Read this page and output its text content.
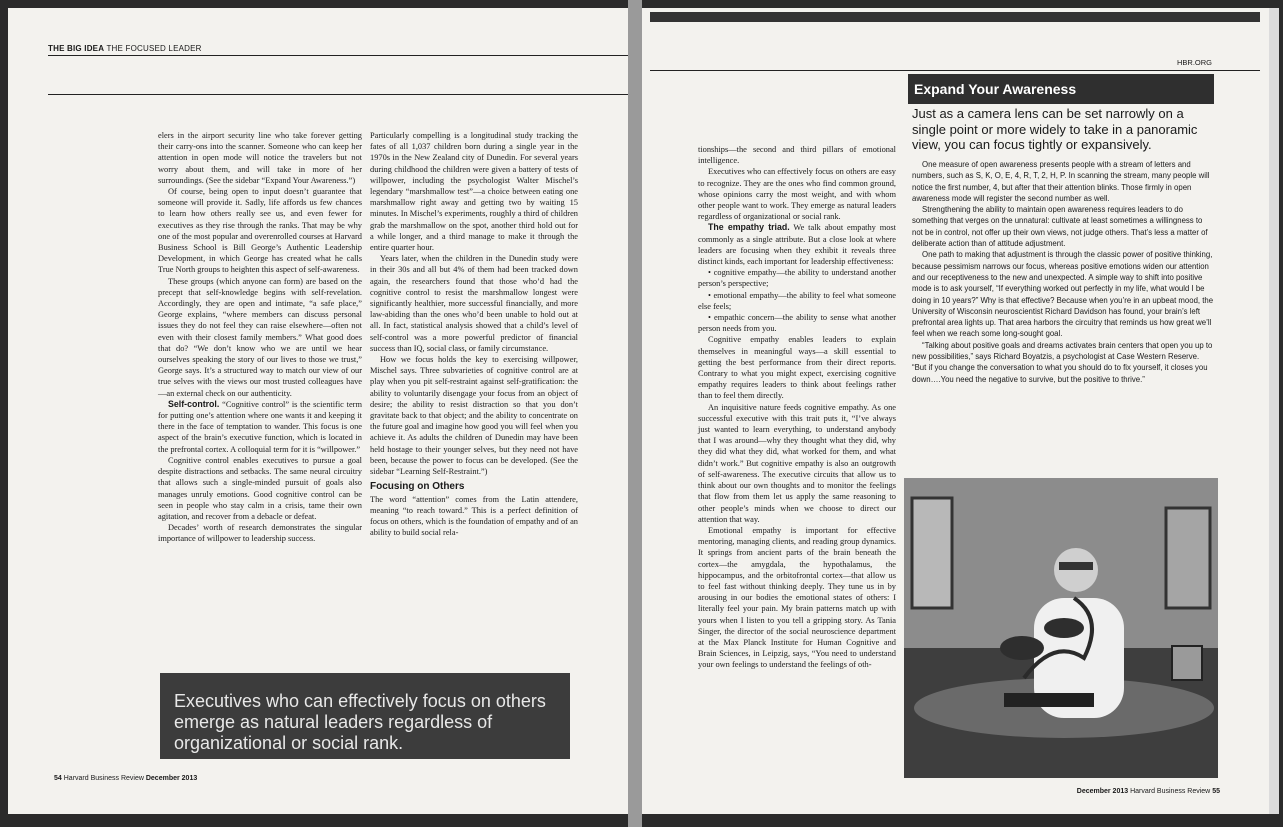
THE BIG IDEA THE FOCUSED LEADER

elers in the airport security line who take forever getting their carry-ons into the scanner. Someone who can keep her attention in open mode will notice the travelers but not worry about them, and will take in more of her surroundings. (See the sidebar “Expand Your Awareness.”)

Of course, being open to input doesn’t guarantee that someone will provide it. Sadly, life affords us few chances to learn how others really see us, and even fewer for executives as they rise through the ranks. That may be why one of the most popular and overenrolled courses at Harvard Business School is Bill George’s Authentic Leadership Development, in which George has created what he calls True North groups to heighten this aspect of self-awareness.

These groups (which anyone can form) are based on the precept that self-knowledge begins with self-revelation. Accordingly, they are open and intimate, “a safe place,” George explains, “where members can discuss personal issues they do not feel they can raise elsewhere—often not even with their closest family members.” What good does that do? “We don’t know who we are until we hear ourselves speaking the story of our lives to those we trust,” George says. It’s a structured way to match our view of our true selves with the views our most trusted colleagues have—an external check on our authenticity.

Self-control. “Cognitive control” is the scientific term for putting one’s attention where one wants it and keeping it there in the face of temptation to wander. This focus is one aspect of the brain’s executive function, which is located in the prefrontal cortex. A colloquial term for it is “willpower.”

Cognitive control enables executives to pursue a goal despite distractions and setbacks. The same neural circuitry that allows such a single-minded pursuit of goals also manages unruly emotions. Good cognitive control can be seen in people who stay calm in a crisis, tame their own agitation, and recover from a debacle or defeat.

Decades’ worth of research demonstrates the singular importance of willpower to leadership success.

Particularly compelling is a longitudinal study tracking the fates of all 1,037 children born during a single year in the 1970s in the New Zealand city of Dunedin. For several years during childhood the children were given a battery of tests of willpower, including the psychologist Walter Mischel’s legendary “marshmallow test”—a choice between eating one marshmallow right away and getting two by waiting 15 minutes. In Mischel’s experiments, roughly a third of children grab the marshmallow on the spot, another third hold out for a while longer, and a third manage to make it through the entire quarter hour.

Years later, when the children in the Dunedin study were in their 30s and all but 4% of them had been tracked down again, the researchers found that those who’d had the cognitive control to resist the marshmallow longest were significantly healthier, more successful financially, and more law-abiding than the ones who’d been unable to hold out at all. In fact, statistical analysis showed that a child’s level of self-control was a more powerful predictor of financial success than IQ, social class, or family circumstance.

How we focus holds the key to exercising willpower, Mischel says. Three subvarieties of cognitive control are at play when you pit self-restraint against self-gratification: the ability to voluntarily disengage your focus from an object of desire; the ability to resist distraction so that you don’t gravitate back to that object; and the ability to concentrate on the future goal and imagine how good you will feel when you achieve it. As adults the children of Dunedin may have been held hostage to their younger selves, but they need not have been, because the power to focus can be developed. (See the sidebar “Learning Self-Restraint.”)

Focusing on Others

The word “attention” comes from the Latin attendere, meaning “to reach toward.” This is a perfect definition of focus on others, which is the foundation of empathy and of an ability to build social rela-

Executives who can effectively focus on others emerge as natural leaders regardless of organizational or social rank.
54 Harvard Business Review December 2013
HBR.ORG

tionships—the second and third pillars of emotional intelligence.

Executives who can effectively focus on others are easy to recognize. They are the ones who find common ground, whose opinions carry the most weight, and with whom other people want to work. They emerge as natural leaders regardless of organizational or social rank.

The empathy triad. We talk about empathy most commonly as a single attribute. But a close look at where leaders are focusing when they exhibit it reveals three distinct kinds, each important for leadership effectiveness:

• cognitive empathy—the ability to understand another person’s perspective;

• emotional empathy—the ability to feel what someone else feels;

• empathic concern—the ability to sense what another person needs from you.

Cognitive empathy enables leaders to explain themselves in meaningful ways—a skill essential to getting the best performance from their direct reports. Contrary to what you might expect, exercising cognitive empathy requires leaders to think about feelings rather than to feel them directly.

An inquisitive nature feeds cognitive empathy. As one successful executive with this trait puts it, “I’ve always just wanted to learn everything, to understand anybody that I was around—why they thought what they did, why they did what they did, what worked for them, and what didn’t work.” But cognitive empathy is also an outgrowth of self-awareness. The executive circuits that allow us to think about our own thoughts and to monitor the feelings that flow from them let us apply the same reasoning to other people’s minds when we choose to direct our attention that way.

Emotional empathy is important for effective mentoring, managing clients, and reading group dynamics. It springs from ancient parts of the brain beneath the cortex—the amygdala, the hypothalamus, the hippocampus, and the orbitofrontal cortex—that allow us to feel fast without thinking deeply. They tune us in by arousing in our bodies the emotional states of others: I literally feel your pain. My brain patterns match up with yours when I listen to you tell a gripping story. As Tania Singer, the director of the social neuroscience department at the Max Planck Institute for Human Cognitive and Brain Sciences, in Leipzig, says, “You need to understand your own feelings to understand the feelings of oth-

Expand Your Awareness
Just as a camera lens can be set narrowly on a single point or more widely to take in a panoramic view, you can focus tightly or expansively.

One measure of open awareness presents people with a stream of letters and numbers, such as S, K, O, E, 4, R, T, 2, H, P. In scanning the stream, many people will notice the first number, 4, but after that their attention blinks. Those firmly in open awareness mode will register the second number as well.

Strengthening the ability to maintain open awareness requires leaders to do something that verges on the unnatural: cultivate at least sometimes a willingness to not be in control, not offer up their own views, not judge others. That’s less a matter of deliberate action than of attitude adjustment.

One path to making that adjustment is through the classic power of positive thinking, because pessimism narrows our focus, whereas positive emotions widen our attention and our receptiveness to the new and unexpected. A simple way to shift into positive mode is to ask yourself, “If everything worked out perfectly in my life, what would I be doing in 10 years?” Why is that effective? Because when you’re in an upbeat mood, the University of Wisconsin neuroscientist Richard Davidson has found, your brain’s left prefrontal area lights up. That area harbors the circuitry that reminds us how great we’ll feel when we reach some long-sought goal.

“Talking about positive goals and dreams activates brain centers that open you up to new possibilities,” says Richard Boyatzis, a psychologist at Case Western Reserve. “But if you change the conversation to what you should do to fix yourself, it closes you down….You need the negative to survive, but the positive to thrive.”

December 2013 Harvard Business Review 55
